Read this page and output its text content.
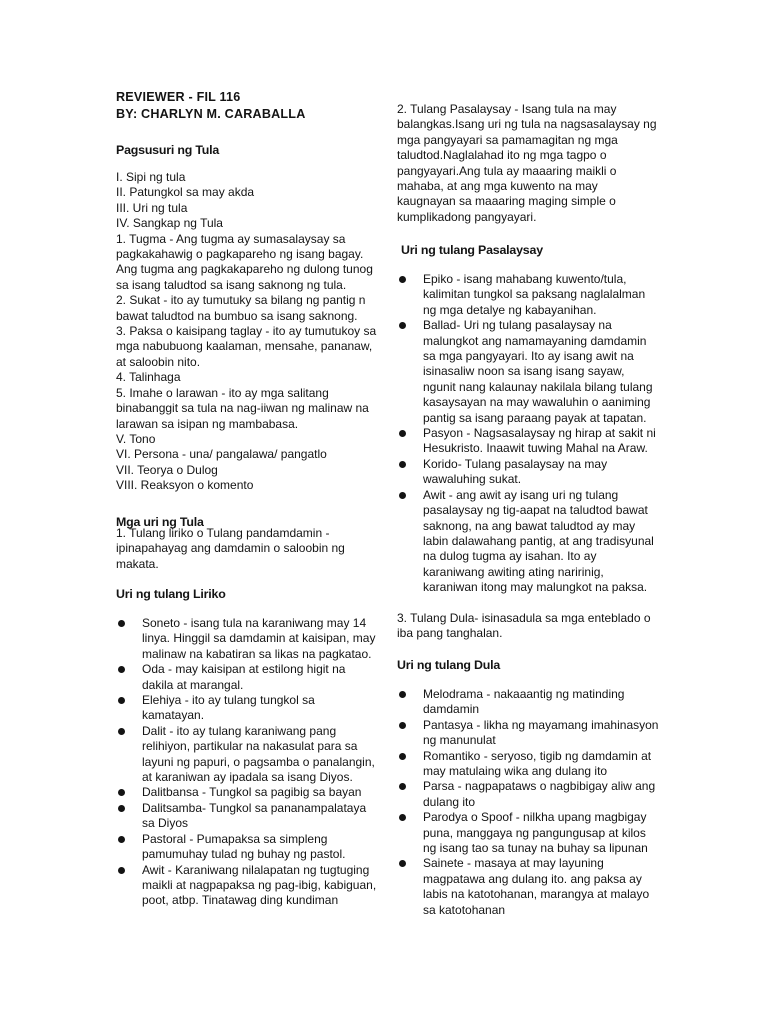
REVIEWER - FIL 116
BY: CHARLYN M. CARABALLA
Pagsusuri ng Tula

I. Sipi ng tula

II. Patungkol sa may akda

III. Uri ng tula

IV. Sangkap ng Tula

1. Tugma - Ang tugma ay sumasalaysay sa pagkakahawig o pagkapareho ng isang bagay. Ang tugma ang pagkakapareho ng dulong tunog sa isang taludtod sa isang saknong ng tula.

2. Sukat - ito ay tumutuky sa bilang ng pantig n bawat taludtod na bumbuo sa isang saknong.

3. Paksa o kaisipang taglay - ito ay tumutukoy sa mga nabubuong kaalaman, mensahe, pananaw, at saloobin nito.

4. Talinhaga

5. Imahe o larawan - ito ay mga salitang binabanggit sa tula na nag-iiwan ng malinaw na larawan sa isipan ng mambabasa.

V. Tono

VI. Persona - una/ pangalawa/ pangatlo

VII. Teorya o Dulog

VIII. Reaksyon o komento

Mga uri ng Tula

1. Tulang liriko o Tulang pandamdamin - ipinapahayag ang damdamin o saloobin ng makata.

Uri ng tulang Liriko
Soneto - isang tula na karaniwang may 14 linya. Hinggil sa damdamin at kaisipan, may malinaw na kabatiran sa likas na pagkatao.
Oda - may kaisipan at estilong higit na dakila at marangal.
Elehiya - ito ay tulang tungkol sa kamatayan.
Dalit - ito ay tulang karaniwang pang relihiyon, partikular na nakasulat para sa layuni ng papuri, o pagsamba o panalangin, at karaniwan ay ipadala sa isang Diyos.
Dalitbansa - Tungkol sa pagibig sa bayan
Dalitsamba- Tungkol sa pananampalataya sa Diyos
Pastoral - Pumapaksa sa simpleng pamumuhay tulad ng buhay ng pastol.
Awit - Karaniwang nilalapatan ng tugtuging maikli at nagpapaksa ng pag-ibig, kabiguan, poot, atbp. Tinatawag ding kundiman

2. Tulang Pasalaysay - Isang tula na may balangkas.Isang uri ng tula na nagsasalaysay ng mga pangyayari sa pamamagitan ng mga taludtod.Naglalahad ito ng mga tagpo o pangyayari.Ang tula ay maaaring maikli o mahaba, at ang mga kuwento na may kaugnayan sa maaaring maging simple o kumplikadong pangyayari.

Uri ng tulang Pasalaysay
Epiko - isang mahabang kuwento/tula, kalimitan tungkol sa paksang naglalalman ng mga detalye ng kabayanihan.
Ballad- Uri ng tulang pasalaysay na malungkot ang namamayaning damdamin sa mga pangyayari. Ito ay isang awit na isinasaliw noon sa isang isang sayaw, ngunit nang kalaunay nakilala bilang tulang kasaysayan na may wawaluhin o aaniming pantig sa isang paraang payak at tapatan.
Pasyon - Nagsasalaysay ng hirap at sakit ni Hesukristo. Inaawit tuwing Mahal na Araw.
Korido- Tulang pasalaysay na may wawaluhing sukat.
Awit - ang awit ay isang uri ng tulang pasalaysay ng tig-aapat na taludtod bawat saknong, na ang bawat taludtod ay may labin dalawahang pantig, at ang tradisyunal na dulog tugma ay isahan. Ito ay karaniwang awiting ating naririnig, karaniwan itong may malungkot na paksa.

3. Tulang Dula- isinasadula sa mga enteblado o iba pang tanghalan.

Uri ng tulang Dula
Melodrama - nakaaantig ng matinding damdamin
Pantasya - likha ng mayamang imahinasyon ng manunulat
Romantiko - seryoso, tigib ng damdamin at may matulaing wika ang dulang ito
Parsa - nagpapataws o nagbibigay aliw ang dulang ito
Parodya o Spoof - nilkha upang magbigay puna, manggaya ng pangungusap at kilos ng isang tao sa tunay na buhay sa lipunan
Sainete - masaya at may layuning magpatawa ang dulang ito. ang paksa ay labis na katotohanan, marangya at malayo sa katotohanan
